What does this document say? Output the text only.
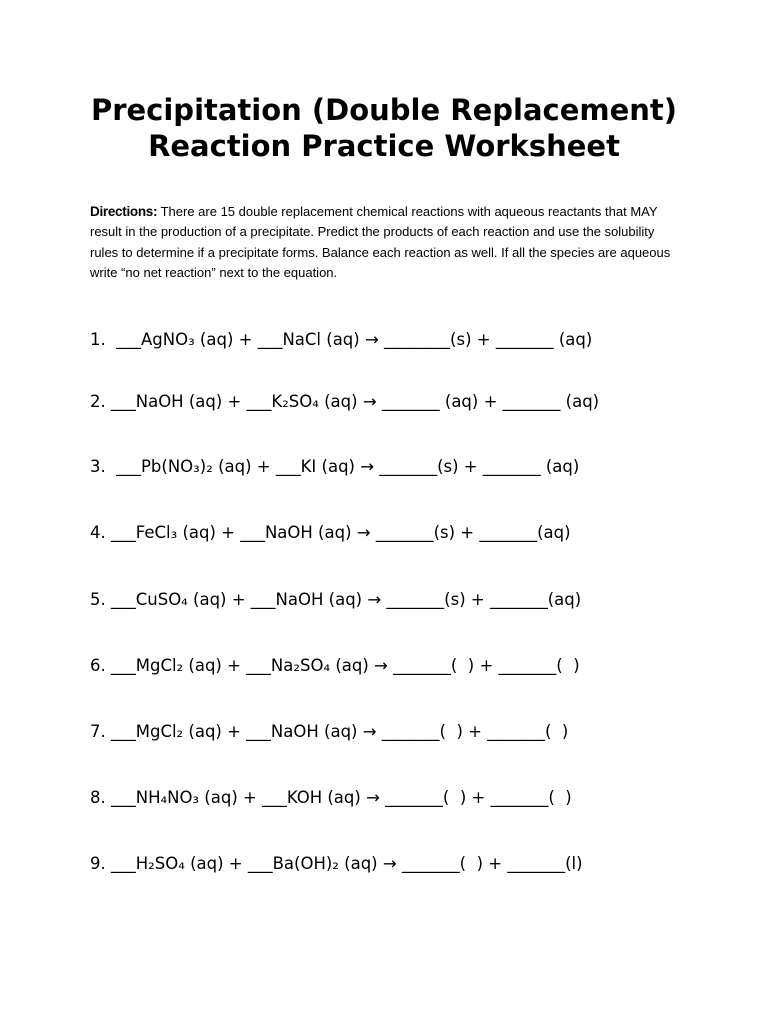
Precipitation (Double Replacement) Reaction Practice Worksheet

Directions: There are 15 double replacement chemical reactions with aqueous reactants that MAY result in the production of a precipitate. Predict the products of each reaction and use the solubility rules to determine if a precipitate forms. Balance each reaction as well. If all the species are aqueous write “no net reaction” next to the equation.

1.  ___AgNO₃ (aq) + ___NaCl (aq) → ________(s) + _______ (aq)

2. ___NaOH (aq) + ___K₂SO₄ (aq) → _______ (aq) + _______ (aq)

3.  ___Pb(NO₃)₂ (aq) + ___KI (aq) → _______(s) + _______ (aq)

4. ___FeCl₃ (aq) + ___NaOH (aq) → _______(s) + _______(aq)

5. ___CuSO₄ (aq) + ___NaOH (aq) → _______(s) + _______(aq)

6. ___MgCl₂ (aq) + ___Na₂SO₄ (aq) → _______(  ) + _______(  )

7. ___MgCl₂ (aq) + ___NaOH (aq) → _______(  ) + _______(  )

8. ___NH₄NO₃ (aq) + ___KOH (aq) → _______(  ) + _______(  )

9. ___H₂SO₄ (aq) + ___Ba(OH)₂ (aq) → _______(  ) + _______(l)
